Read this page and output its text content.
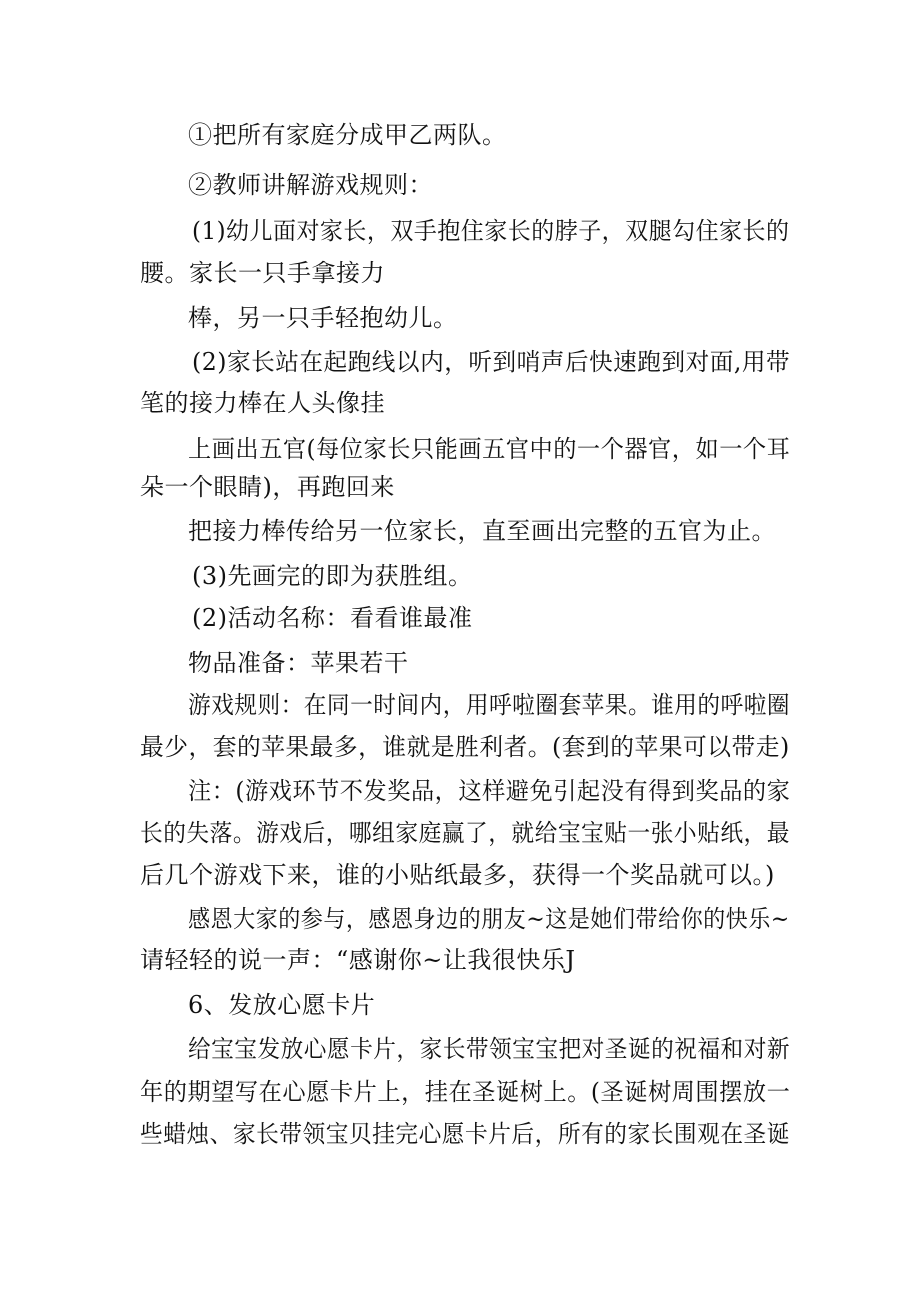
①把所有家庭分成甲乙两队。
②教师讲解游戏规则：
(1)幼儿面对家长，双手抱住家长的脖子，双腿勾住家长的
腰。家长一只手拿接力
棒，另一只手轻抱幼儿。
(2)家长站在起跑线以内，听到哨声后快速跑到对面,用带
笔的接力棒在人头像挂
上画出五官(每位家长只能画五官中的一个器官，如一个耳
朵一个眼睛)，再跑回来
把接力棒传给另一位家长，直至画出完整的五官为止。
(3)先画完的即为获胜组。
(2)活动名称：看看谁最准
物品准备：苹果若干
游戏规则：在同一时间内，用呼啦圈套苹果。谁用的呼啦圈
最少，套的苹果最多，谁就是胜利者。(套到的苹果可以带走)
注：(游戏环节不发奖品，这样避免引起没有得到奖品的家
长的失落。游戏后，哪组家庭赢了，就给宝宝贴一张小贴纸，最
后几个游戏下来，谁的小贴纸最多，获得一个奖品就可以。)
感恩大家的参与，感恩身边的朋友~这是她们带给你的快乐~
请轻轻的说一声：“感谢你~让我很快乐J
6、发放心愿卡片
给宝宝发放心愿卡片，家长带领宝宝把对圣诞的祝福和对新
年的期望写在心愿卡片上，挂在圣诞树上。(圣诞树周围摆放一
些蜡烛、家长带领宝贝挂完心愿卡片后，所有的家长围观在圣诞
